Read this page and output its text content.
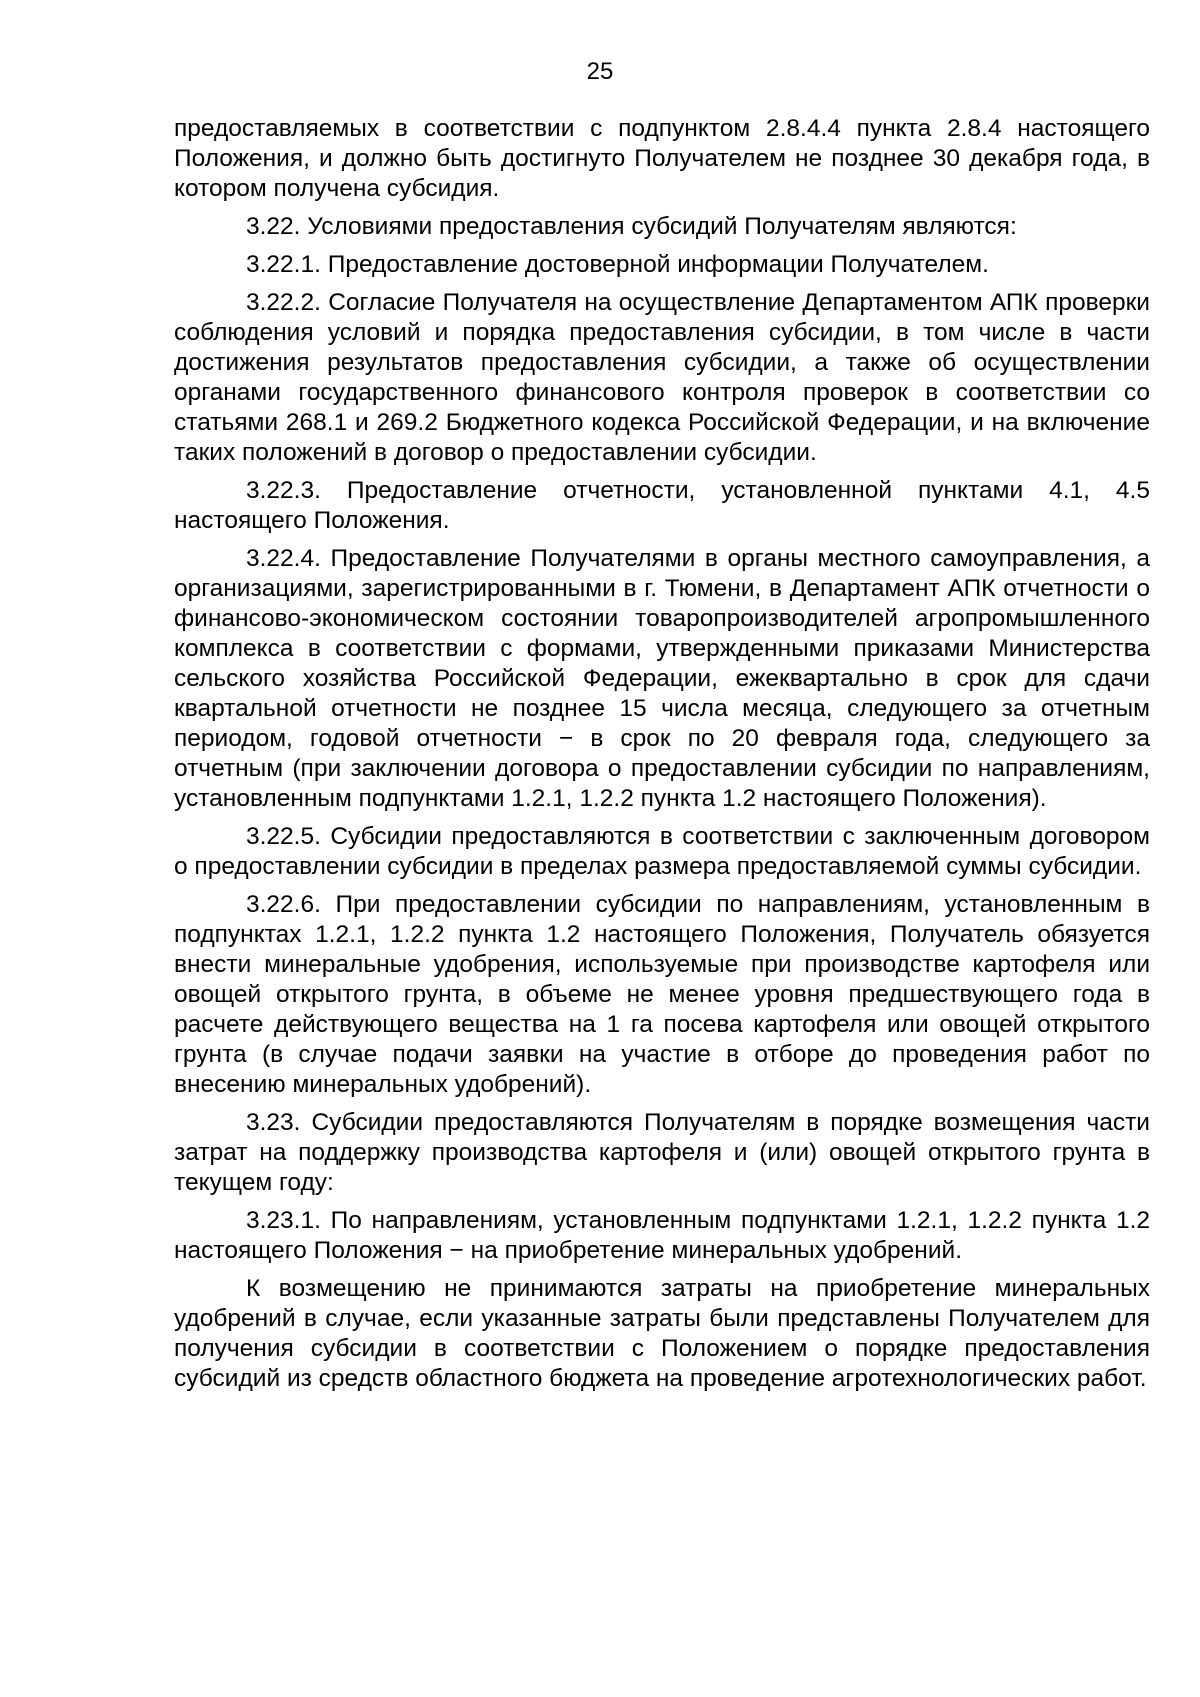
25

предоставляемых в соответствии с подпунктом 2.8.4.4 пункта 2.8.4 настоящего Положения, и должно быть достигнуто Получателем не позднее 30 декабря года, в котором получена субсидия.

3.22. Условиями предоставления субсидий Получателям являются:

3.22.1. Предоставление достоверной информации Получателем.

3.22.2. Согласие Получателя на осуществление Департаментом АПК проверки соблюдения условий и порядка предоставления субсидии, в том числе в части достижения результатов предоставления субсидии, а также об осуществлении органами государственного финансового контроля проверок в соответствии со статьями 268.1 и 269.2 Бюджетного кодекса Российской Федерации, и на включение таких положений в договор о предоставлении субсидии.

3.22.3. Предоставление отчетности, установленной пунктами 4.1, 4.5 настоящего Положения.

3.22.4. Предоставление Получателями в органы местного самоуправления, а организациями, зарегистрированными в г. Тюмени, в Департамент АПК отчетности о финансово-экономическом состоянии товаропроизводителей агропромышленного комплекса в соответствии с формами, утвержденными приказами Министерства сельского хозяйства Российской Федерации, ежеквартально в срок для сдачи квартальной отчетности не позднее 15 числа месяца, следующего за отчетным периодом, годовой отчетности − в срок по 20 февраля года, следующего за отчетным (при заключении договора о предоставлении субсидии по направлениям, установленным подпунктами 1.2.1, 1.2.2 пункта 1.2 настоящего Положения).

3.22.5. Субсидии предоставляются в соответствии с заключенным договором о предоставлении субсидии в пределах размера предоставляемой суммы субсидии.

3.22.6. При предоставлении субсидии по направлениям, установленным в подпунктах 1.2.1, 1.2.2 пункта 1.2 настоящего Положения, Получатель обязуется внести минеральные удобрения, используемые при производстве картофеля или овощей открытого грунта, в объеме не менее уровня предшествующего года в расчете действующего вещества на 1 га посева картофеля или овощей открытого грунта (в случае подачи заявки на участие в отборе до проведения работ по внесению минеральных удобрений).

3.23. Субсидии предоставляются Получателям в порядке возмещения части затрат на поддержку производства картофеля и (или) овощей открытого грунта в текущем году:

3.23.1. По направлениям, установленным подпунктами 1.2.1, 1.2.2 пункта 1.2 настоящего Положения − на приобретение минеральных удобрений.

К возмещению не принимаются затраты на приобретение минеральных удобрений в случае, если указанные затраты были представлены Получателем для получения субсидии в соответствии с Положением о порядке предоставления субсидий из средств областного бюджета на проведение агротехнологических работ.
